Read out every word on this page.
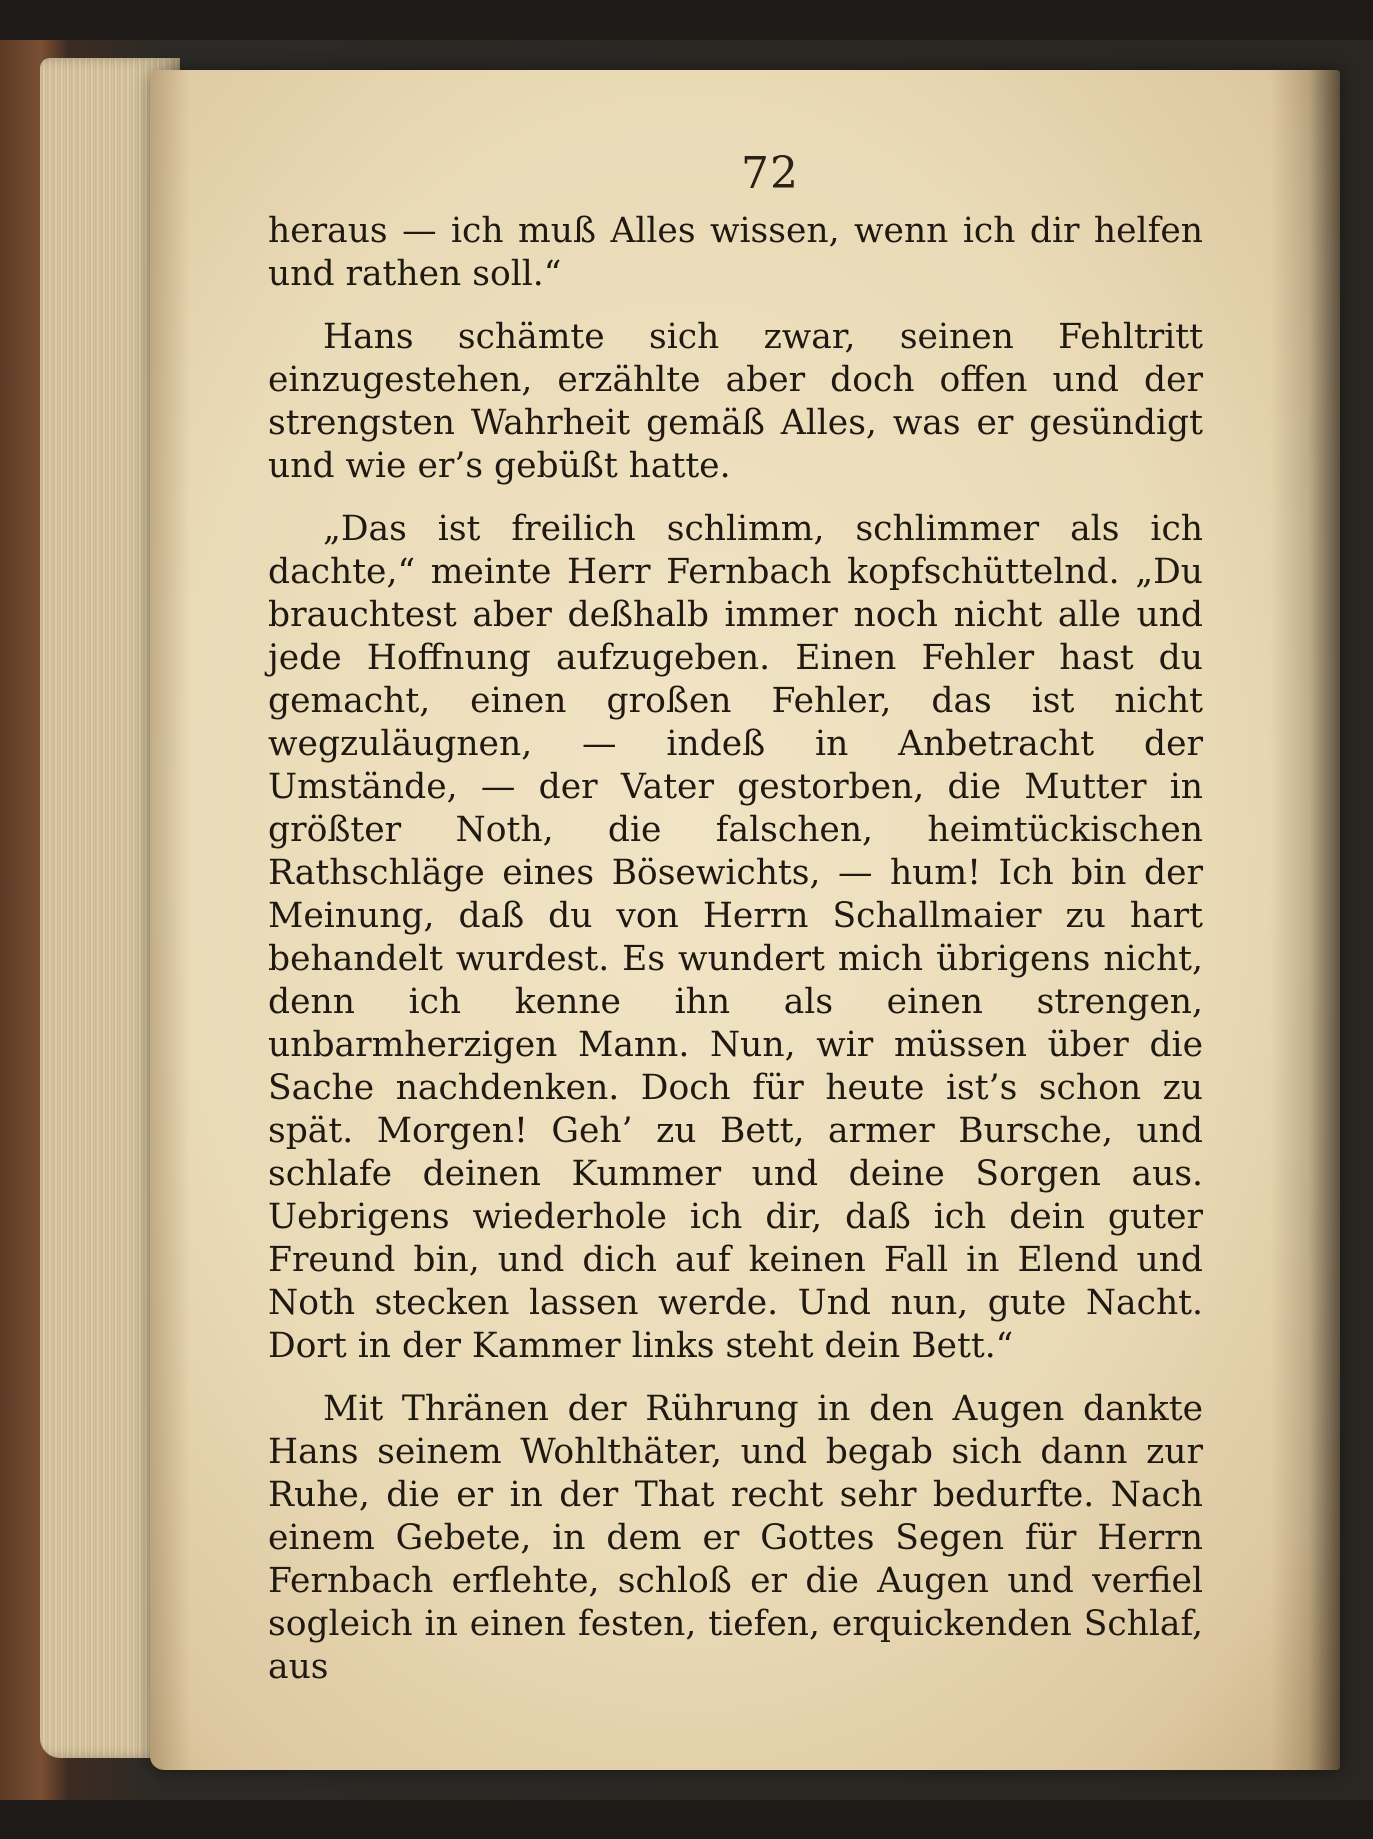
72

heraus — ich muß Alles wissen, wenn ich dir helfen und rathen soll.“

Hans schämte sich zwar, seinen Fehltritt einzugestehen, erzählte aber doch offen und der strengsten Wahrheit gemäß Alles, was er gesündigt und wie er’s gebüßt hatte.

„Das ist freilich schlimm, schlimmer als ich dachte,“ meinte Herr Fernbach kopfschüttelnd. „Du brauchtest aber deßhalb immer noch nicht alle und jede Hoffnung aufzugeben. Einen Fehler hast du gemacht, einen großen Fehler, das ist nicht wegzuläugnen, — indeß in Anbetracht der Umstände, — der Vater gestorben, die Mutter in größter Noth, die falschen, heimtückischen Rathschläge eines Bösewichts, — hum! Ich bin der Meinung, daß du von Herrn Schallmaier zu hart behandelt wurdest. Es wundert mich übrigens nicht, denn ich kenne ihn als einen strengen, unbarmherzigen Mann. Nun, wir müssen über die Sache nachdenken. Doch für heute ist’s schon zu spät. Morgen! Geh’ zu Bett, armer Bursche, und schlafe deinen Kummer und deine Sorgen aus. Uebrigens wiederhole ich dir, daß ich dein guter Freund bin, und dich auf keinen Fall in Elend und Noth stecken lassen werde. Und nun, gute Nacht. Dort in der Kammer links steht dein Bett.“

Mit Thränen der Rührung in den Augen dankte Hans seinem Wohlthäter, und begab sich dann zur Ruhe, die er in der That recht sehr bedurfte. Nach einem Gebete, in dem er Gottes Segen für Herrn Fernbach erflehte, schloß er die Augen und verfiel sogleich in einen festen, tiefen, erquickenden Schlaf, aus
